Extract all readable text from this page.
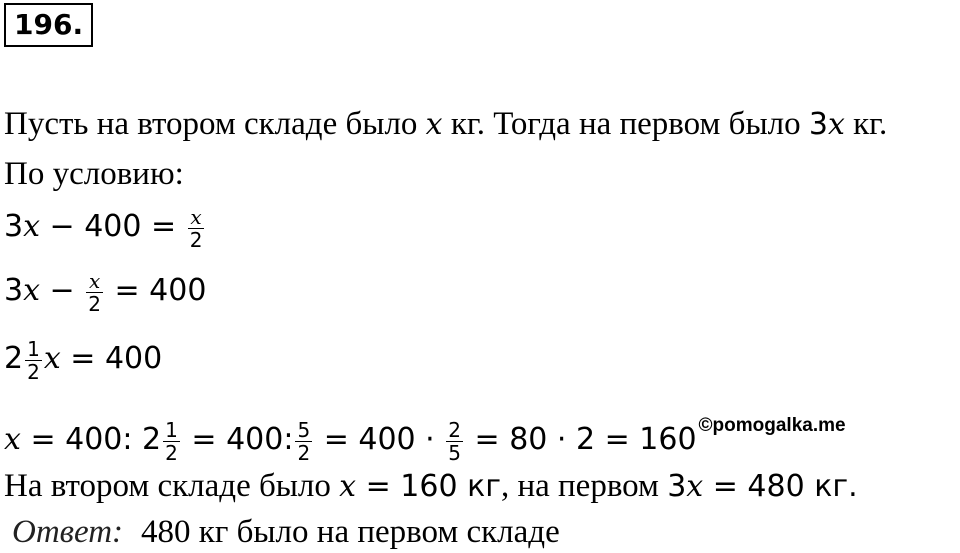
196.
Пусть на втором складе было x кг. Тогда на первом было 3x кг.
По условию:
$3x - 400 = \frac{x}{2}$
$3x - \frac{x}{2} = 400$
$2 \frac{1}{2}$ x = 400
x = 400: $2 \frac{1}{2} = 400$: $\frac{5}{2} = 400 \cdot \frac{2}{5} = 80 \cdot 2 = 160$ $^{©pomogalka.me}$
На втором складе было x = 160 кг, на первом 3x = 480 кг.
Ответ: 480 кг было на первом складе
